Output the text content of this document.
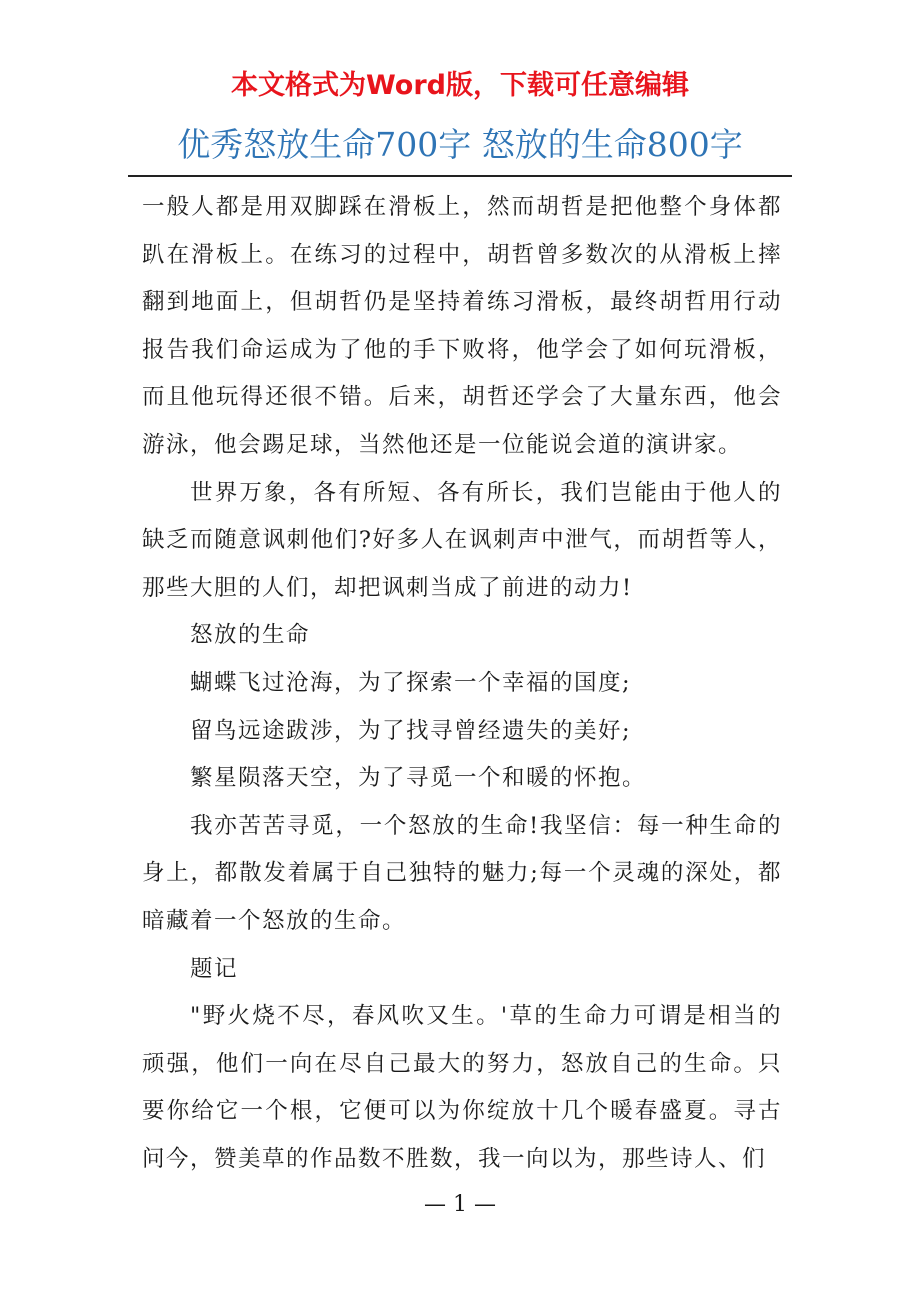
本文格式为Word版，下载可任意编辑
优秀怒放生命700字 怒放的生命800字

一般人都是用双脚踩在滑板上，然而胡哲是把他整个身体都趴在滑板上。在练习的过程中，胡哲曾多数次的从滑板上摔翻到地面上，但胡哲仍是坚持着练习滑板，最终胡哲用行动报告我们命运成为了他的手下败将，他学会了如何玩滑板，而且他玩得还很不错。后来，胡哲还学会了大量东西，他会游泳，他会踢足球，当然他还是一位能说会道的演讲家。

世界万象，各有所短、各有所长，我们岂能由于他人的缺乏而随意讽刺他们?好多人在讽刺声中泄气，而胡哲等人，那些大胆的人们，却把讽刺当成了前进的动力!

怒放的生命

蝴蝶飞过沧海，为了探索一个幸福的国度;

留鸟远途跋涉，为了找寻曾经遗失的美好;

繁星陨落天空，为了寻觅一个和暖的怀抱。

我亦苦苦寻觅，一个怒放的生命!我坚信：每一种生命的身上，都散发着属于自己独特的魅力;每一个灵魂的深处，都暗藏着一个怒放的生命。

题记

"野火烧不尽，春风吹又生。'草的生命力可谓是相当的顽强，他们一向在尽自己最大的努力，怒放自己的生命。只要你给它一个根，它便可以为你绽放十几个暖春盛夏。寻古问今，赞美草的作品数不胜数，我一向以为，那些诗人、们

— 1 —
